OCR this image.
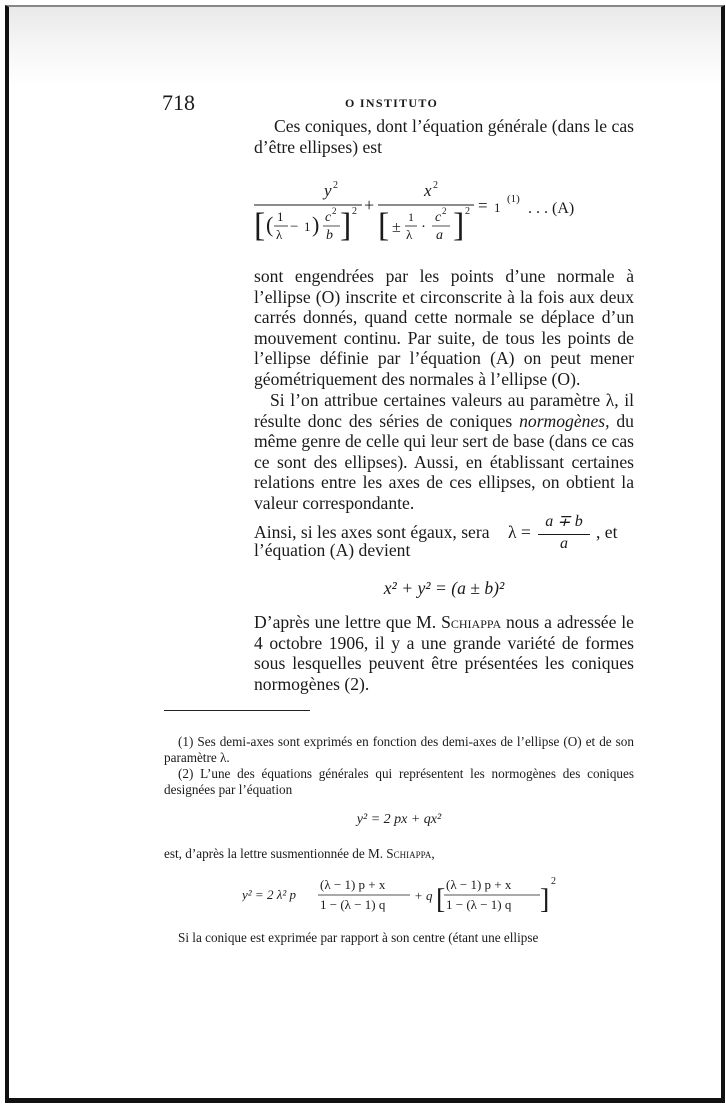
718	O INSTITUTO

Ces coniques, dont l’équation générale (dans le cas d’être ellipses) est

y 2
[ ( 1
λ − 1 ) c 2
b ] 2 +
x 2
[ ±
1
λ ·
c 2
a ] 2 = 1
(1)
. . . (A)

sont engendrées par les points d’une normale à l’ellipse (O) inscrite et circonscrite à la fois aux deux carrés donnés, quand cette normale se déplace d’un mouvement continu. Par suite, de tous les points de l’ellipse définie par l’équation (A) on peut mener géométriquement des normales à l’ellipse (O).

Si l’on attribue certaines valeurs au paramètre λ, il résulte donc des séries de coniques normogènes, du même genre de celle qui leur sert de base (dans ce cas ce sont des ellipses). Aussi, en établissant certaines relations entre les axes de ces ellipses, on obtient la valeur correspondante.

Ainsi, si les axes sont égaux, sera λ =
a ∓ b
a
, et
l’équation (A) devient
x² + y² = (a ± b)²

D’après une lettre que M. Schiappa nous a adressée le 4 octobre 1906, il y a une grande variété de formes sous lesquelles peuvent être présentées les coniques normogènes (2).

(1) Ses demi-axes sont exprimés en fonction des demi-axes de l’ellipse (O) et de son paramètre λ.

(2) L’une des équations générales qui représentent les normogènes des coniques designées par l’équation

y² = 2 px + qx²
est, d’après la lettre susmentionnée de M. Schiappa,
y² = 2 λ² p
(λ − 1) p + x
1 − (λ − 1) q
+ q [ (λ − 1) p + x
1 − (λ − 1) q ]
2

Si la conique est exprimée par rapport à son centre (étant une ellipse
